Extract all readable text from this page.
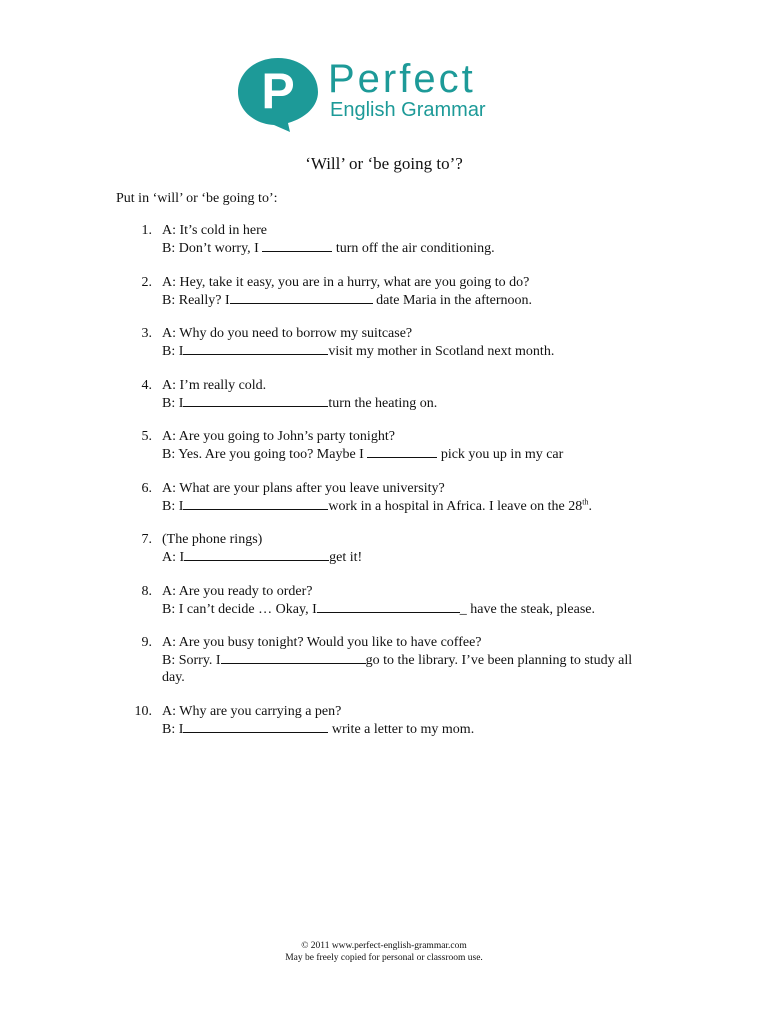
P Perfect
English Grammar
‘Will’ or ‘be going to’?
Put in ‘will’ or ‘be going to’:
1. A: It’s cold in here
B: Don’t worry, I	turn off the air conditioning.
2. A: Hey, take it easy, you are in a hurry, what are you going to do?
B: Really? I	date Maria in the afternoon.
3. A: Why do you need to borrow my suitcase?
B: I	visit my mother in Scotland next month.
4. A: I’m really cold.
B: I	turn the heating on.
5. A: Are you going to John’s party tonight?
B: Yes. Are you going too? Maybe I	pick you up in my car
6. A: What are your plans after you leave university?
B: I	work in a hospital in Africa. I leave on the 28th.
7. (The phone rings)
A: I	get it!
8. A: Are you ready to order?
B: I can’t decide … Okay, I	_ have the steak, please.
9. A: Are you busy tonight? Would you like to have coffee?
B: Sorry. I	go to the library. I’ve been planning to study all day.
10. A: Why are you carrying a pen?
B: I	write a letter to my mom.
© 2011 www.perfect-english-grammar.com
May be freely copied for personal or classroom use.
